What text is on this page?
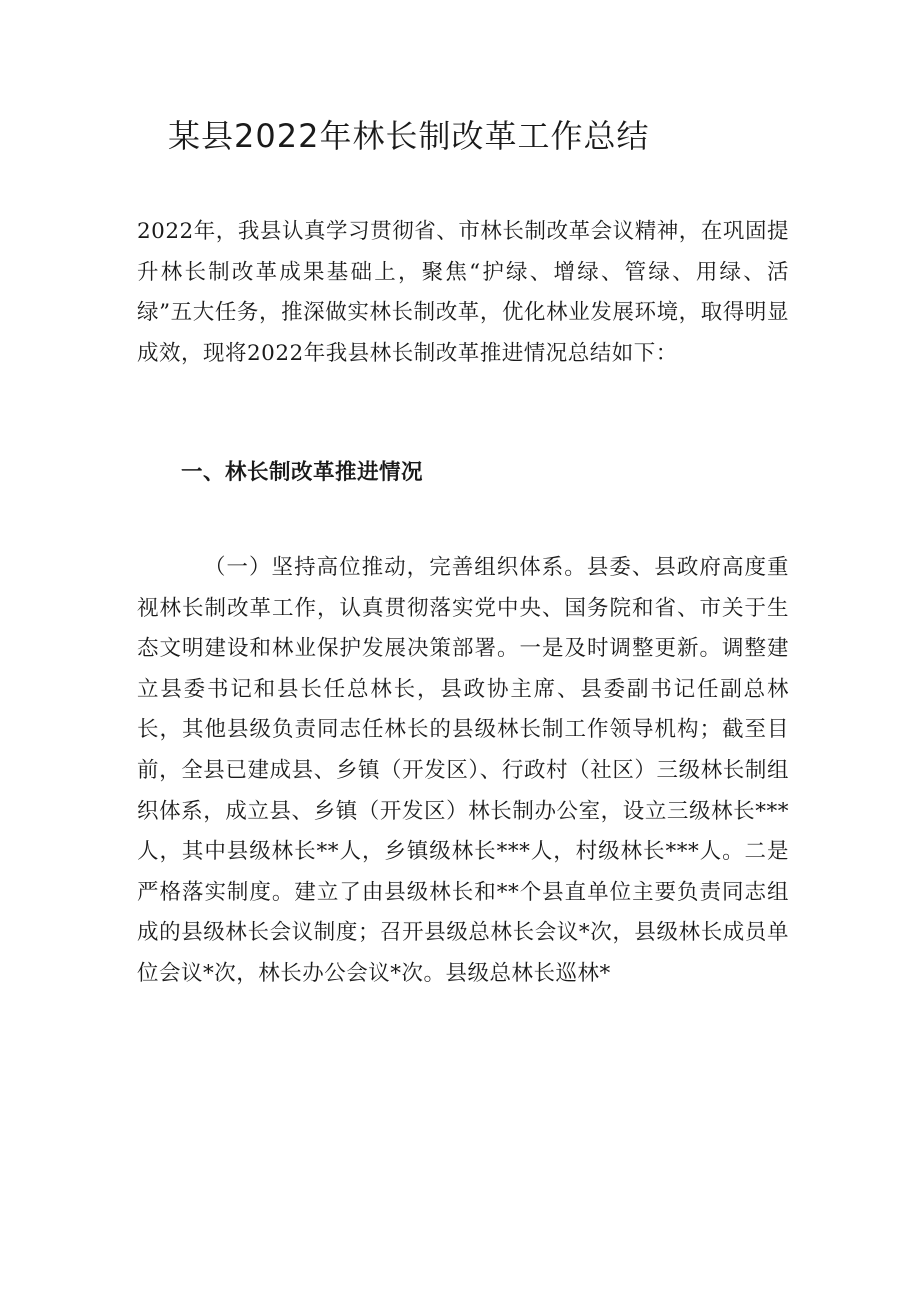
某县2022年林长制改革工作总结

2022年，我县认真学习贯彻省、市林长制改革会议精神，在巩固提升林长制改革成果基础上，聚焦“护绿、增绿、管绿、用绿、活绿”五大任务，推深做实林长制改革，优化林业发展环境，取得明显成效，现将2022年我县林长制改革推进情况总结如下：

一、林长制改革推进情况

（一）坚持高位推动，完善组织体系。县委、县政府高度重视林长制改革工作，认真贯彻落实党中央、国务院和省、市关于生态文明建设和林业保护发展决策部署。一是及时调整更新。调整建立县委书记和县长任总林长，县政协主席、县委副书记任副总林长，其他县级负责同志任林长的县级林长制工作领导机构；截至目前，全县已建成县、乡镇（开发区）、行政村（社区）三级林长制组织体系，成立县、乡镇（开发区）林长制办公室，设立三级林长***人，其中县级林长**人，乡镇级林长***人，村级林长***人。二是严格落实制度。建立了由县级林长和**个县直单位主要负责同志组成的县级林长会议制度；召开县级总林长会议*次，县级林长成员单位会议*次，林长办公会议*次。县级总林长巡林*
